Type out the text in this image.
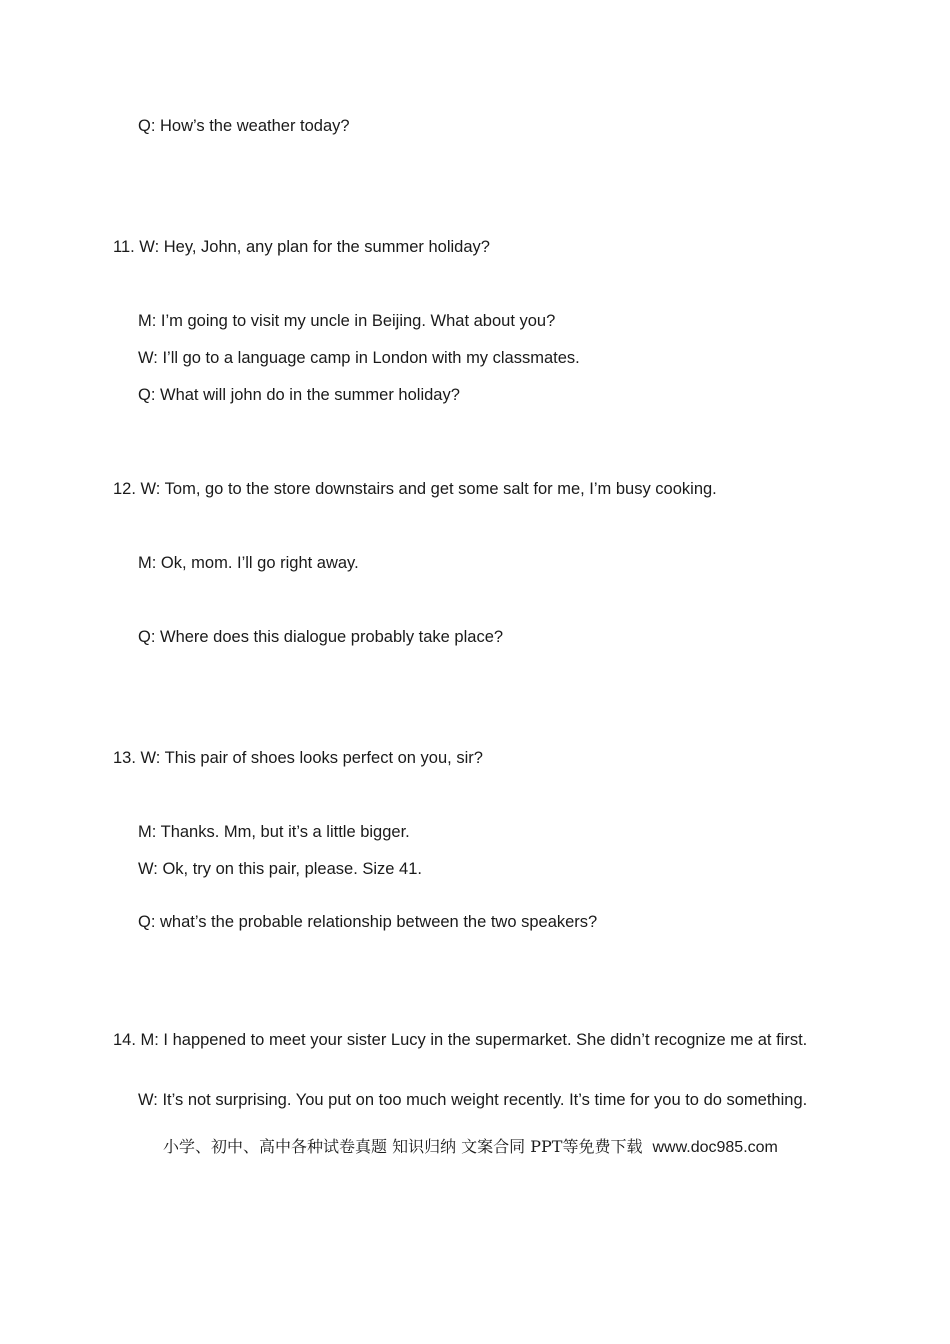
Q: How’s the weather today?
11. W: Hey, John, any plan for the summer holiday?
M: I’m going to visit my uncle in Beijing. What about you?
W: I’ll go to a language camp in London with my classmates.
Q: What will john do in the summer holiday?
12. W: Tom, go to the store downstairs and get some salt for me, I’m busy cooking.
M: Ok, mom. I’ll go right away.
Q: Where does this dialogue probably take place?
13. W: This pair of shoes looks perfect on you, sir?
M: Thanks. Mm, but it’s a little bigger.
W: Ok, try on this pair, please. Size 41.
Q: what’s the probable relationship between the two speakers?
14. M: I happened to meet your sister Lucy in the supermarket. She didn’t recognize me at first.
W: It’s not surprising. You put on too much weight recently. It’s time for you to do something.
小学、初中、高中各种试卷真题 知识归纳 文案合同 PPT等免费下载 www.doc985.com
